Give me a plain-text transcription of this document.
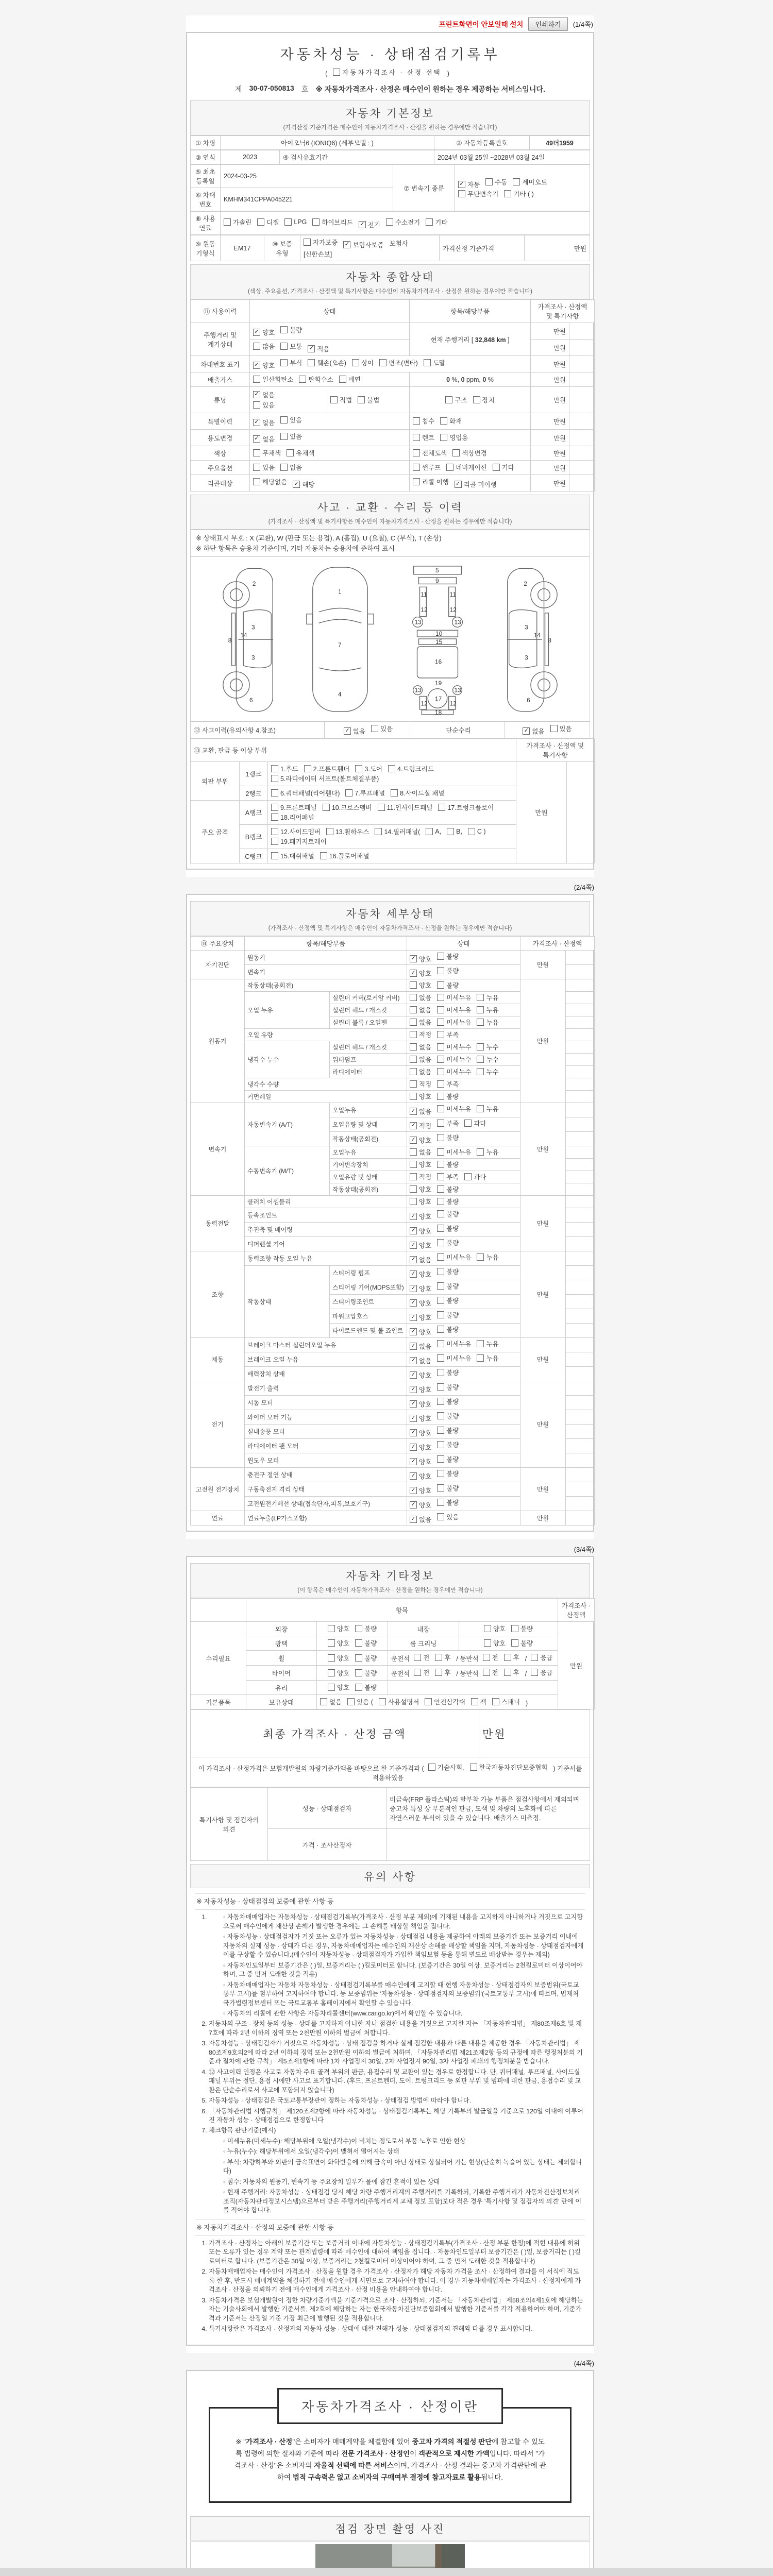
프린트화면이 안보일때 설치	인쇄하기	(1/4쪽)
자동차성능 · 상태점검기록부
( 자동차가격조사 · 산정 선택 )
제 30-07-050813 호 ※ 자동차가격조사 · 산정은 매수인이 원하는 경우 제공하는 서비스입니다.
자동차 기본정보
(가격산정 기준가격은 매수인이 자동차가격조사 · 산정을 원하는 경우에만 적습니다)
① 차명	아이오닉6 (IONIQ6) (세부모델 : )	② 자동차등록번호	49더1959
③ 연식	2023	④ 검사유효기간	2024년 03월 25일 ~2028년 03월 24일
⑤ 최초 등록일	2024-03-25	⑦ 변속기 종류	
✓ 자동 수동 세미오토
무단변속기 기타 ( )

⑥ 차대 번호	KMHM341CPPA045221		
⑧ 사용 연료	
가솔린 디젤 LPG 하이브리드 ✓ 전기 수소전기 기타
⑨ 원동 기형식	EM17	⑩ 보증 유형	
자가보증 ✓ 보험사보증 보험사[신한손보]	가격산정 기준가격	만원
자동차 종합상태
(색상, 주요옵션, 가격조사 · 산정액 및 특기사항은 매수인이 자동차가격조사 · 산정을 원하는 경우에만 적습니다)
⑪ 사용이력	상태		항목/해당부품	가격조사 · 산정액 및 특기사항	
주행거리 및 계기상태	✓ 양호 불량		현재 주행거리 [ 32,848 km ]	만원	

	많음 보통 ✓ 적음			만원	
차대번호 표기	✓ 양호 부식 훼손(오손) 상이 변조(변타) 도말	만원	
배출가스	일산화탄소 탄화수소 매연		0 %, 0 ppm, 0 %	만원	
튜닝	✓ 없음
있음	적법 불법	구조 장치	만원	
특별이력	✓ 없음 있음		침수 화재	만원	
용도변경	✓ 없음 있음		렌트 영업용	만원	
색상	무채색 유채색		전체도색 색상변경	만원	
주요옵션	있음 없음		썬루프 네비게이션 기타	만원	
리콜대상	해당없음 ✓ 해당		리콜 이행 ✓ 리콜 미이행	만원	
사고 · 교환 · 수리 등 이력
(가격조사 · 산정액 및 특기사항은 매수인이 자동차가격조사 · 산정을 원하는 경우에만 적습니다)
※ 상태표시 부호 : X (교환), W (판금 또는 용접), A (흠집), U (요철), C (부식), T (손상)
※ 하단 항목은 승용차 기준이며, 기타 자동차는 승용차에 준하여 표시
2
3
14
3
6
8
1
7
4
5
9
11	11
12	12
13	13
10
15
16
19
13	13
12	12
17
18
2
3
14
3
6
8
⑫ 사고이력(유의사항 4.참조)	✓ 없음 있음	단순수리	✓ 없음 있음
⑬ 교환, 판금 등 이상 부위			가격조사 · 산정액 및 특기사항	
외판 부위	1랭크	1.후드 2.프론트휀더 3.도어 4.트렁크리드
5.라디에이터 서포트(볼트체결부품)	만원	
	2랭크	6.쿼터패널(리어휀다) 7.루프패널 8.사이드실 패널		

주요 골격	A랭크	9.프론트패널 10.크로스멤버 11.인사이드패널 17.트렁크플로어
18.리어패널		

B랭크	
12.사이드멤버 13.휠하우스 14.필러패널( A, B, C )
19.패키지트레이

	C랭크	15.대쉬패널 16.플로어패널		
(2/4쪽)
자동차 세부상태
(가격조사 · 산정액 및 특기사항은 매수인이 자동차가격조사 · 산정을 원하는 경우에만 적습니다)
⑭ 주요장치	항목/해당부품		상태	가격조사 · 산정액	
자기진단	원동기		✓ 양호 불량	만원	
	변속기		✓ 양호 불량		

원동기	작동상태(공회전)		양호 불량	만원	
	오일 누유	실린더 커버(로커암 커버)	없음 미세누유 누유		

		실린더 헤드 / 개스킷	없음 미세누유 누유		

		실린더 블록 / 오일팬	없음 미세누유 누유		

	오일 유량		적정 부족		

	냉각수 누수	실린더 헤드 / 개스킷	없음 미세누수 누수		

		워터펌프	없음 미세누수 누수		

		라디에이터	없음 미세누수 누수		

	냉각수 수량		적정 부족		

	커먼레일		양호 불량		

변속기	자동변속기 (A/T)	오일누유	✓ 없음 미세누유 누유	만원	
		오일유량 및 상태	✓ 적정 부족 과다		

		작동상태(공회전)	✓ 양호 불량		

	수동변속기 (M/T)	오일누유	없음 미세누유 누유		

		기어변속장치	양호 불량		

		오일유량 및 상태	적정 부족 과다		

		작동상태(공회전)	양호 불량		

동력전달	클러치 어셈블리		양호 불량	만원	
	등속조인트		✓ 양호 불량		

	추진축 및 베어링		✓ 양호 불량		

	디퍼렌셜 기어		✓ 양호 불량		

조향	동력조향 작동 오일 누유		✓ 없음 미세누유 누유	만원	
	작동상태	스티어링 펌프	✓ 양호 불량		

		스티어링 기어(MDPS포함)	✓ 양호 불량		

		스티어링조인트	✓ 양호 불량		

		파워고압호스	✓ 양호 불량		

		타이로드엔드 및 볼 죠인트	✓ 양호 불량		

제동	브레이크 마스터 실린더오일 누유		✓ 없음 미세누유 누유	만원	
	브레이크 오일 누유		✓ 없음 미세누유 누유		

	배력장치 상태		✓ 양호 불량		

전기	발전기 출력		✓ 양호 불량	만원	
	시동 모터		✓ 양호 불량		

	와이퍼 모터 기능		✓ 양호 불량		

	실내송풍 모터		✓ 양호 불량		

	라디에이터 팬 모터		✓ 양호 불량		

	윈도우 모터		✓ 양호 불량		

고전원 전기장치	충전구 절연 상태		✓ 양호 불량	만원	
	구동축전지 격리 상태		✓ 양호 불량		

	고전원전기배선 상태(접속단자,피복,보호기구)		✓ 양호 불량		

연료	연료누출(LP가스포함)		✓ 없음 있음	만원	
(3/4쪽)
자동차 기타정보
(이 항목은 매수인이 자동차가격조사 · 산정을 원하는 경우에만 적습니다)
	항목				가격조사 · 산정액
수리필요	외장	양호 불량	내장	양호 불량	만원
	광택	양호 불량	룸 크리닝	양호 불량	

휠	양호 불량	운전석 전 후 / 동반석 전 후 / 응급

타이어	양호 불량	운전석 전 후 / 동반석 전 후 / 응급

	유리	양호 불량			

기본품목	보유상태	없음 있음 ( 사용설명서 안전삼각대 잭 스패너 )
최종 가격조사 · 산정 금액	만원
이 가격조사 · 산정가격은 보험개발원의 차량기준가액을 바탕으로 한 기준가격과 ( 기술사회, 한국자동차진단보증협회 ) 기준서를 적용하였음
특기사항 및 점검자의 의견	성능 · 상태점검자	비금속(FRP 플라스틱)의 탈부착 가능 부품은 점검사항에서 제외되며 중고차 특성 상 부분적인 판금, 도색 및 차량의 노후화에 따른 자연스러운 부식이 있을 수 있습니다. 배출가스 미측정.
	가격 · 조사산정자	
유의 사항
※ 자동차성능 · 상태점검의 보증에 관한 사항 등
◦ 1. 자동차매매업자는 자동차성능 · 상태점검기록부(가격조사 · 산정 부분 제외)에 기재된 내용을 고지하지 아니하거나 거짓으로 고지함으로써 매수인에게 재산상 손해가 발생한 경우에는 그 손해를 배상할 책임을 집니다.
◦ 자동차성능 · 상태점검자가 거짓 또는 오류가 있는 자동차성능 · 상태점검 내용을 제공하여 아래의 보증기간 또는 보증거리 이내에 자동차의 실제 성능 · 상태가 다른 경우, 자동차매매업자는 매수인의 재산상 손해를 배상할 책임을 지며, 자동차성능 · 상태점검자에게 이를 구상할 수 있습니다.(매수인이 자동차성능 · 상태점검자가 가입한 책임보험 등을 통해 별도로 배상받는 경우는 제외)
◦ 자동차인도일부터 보증기간은 ( )일, 보증거리는 ( )킬로미터로 합니다. (보증기간은 30일 이상, 보증거리는 2천킬로미터 이상이어야 하며, 그 중 먼저 도래한 것을 적용)
◦ 자동차매매업자는 자동차 자동차성능 · 상태점검기록부를 매수인에게 고지할 때 현행 자동차성능 · 상태점검자의 보증범위(국토교통부 고시)를 첨부하여 고지하여야 합니다. 동 보증범위는 '자동차성능 · 상태점검자의 보증범위'(국토교통부 고시)에 따르며, 법제처 국가법령정보센터 또는 국토교통부 홈페이지에서 확인할 수 있습니다.
◦ 자동차의 리콜에 관한 사항은 자동차리콜센터(www.car.go.kr)에서 확인할 수 있습니다.
2. 자동차의 구조 · 장치 등의 성능 · 상태를 고지하지 아니한 자나 점검한 내용을 거짓으로 고지한 자는 「자동차관리법」 제80조제6호 및 제7호에 따라 2년 이하의 징역 또는 2천만원 이하의 벌금에 처합니다.
3. 자동차성능 · 상태점검자가 거짓으로 자동차성능 · 상태 점검을 하거나 실제 점검한 내용과 다른 내용을 제공한 경우 「자동차관리법」 제80조제9호의2에 따라 2년 이하의 징역 또는 2천만원 이하의 벌금에 처하며, 「자동차관리법 제21조제2항 등의 규정에 따른 행정처분의 기준과 절차에 관한 규칙」 제5조제1항에 따라 1차 사업정지 30일, 2차 사업정지 90일, 3차 사업장 폐쇄의 행정처분을 받습니다.
4. ⑫ 사고이력 인정은 사고로 자동차 주요 골격 부위의 판금, 용접수리 및 교환이 있는 경우로 한정합니다. 단, 쿼터패널, 루프패널, 사이드실 패널 부위는 절단, 용접 시에만 사고로 표기합니다. (후드, 프론트펜더, 도어, 트렁크리드 등 외판 부위 및 범퍼에 대한 판금, 용접수리 및 교환은 단순수리로서 사고에 포함되지 않습니다)
5. 자동차성능 · 상태점검은 국토교통부장관이 정하는 자동차성능 · 상태점검 방법에 따라야 합니다.
6. 「자동차관리법 시행규칙」 제120조제2항에 따라 자동차성능 · 상태점검기록부는 해당 기록부의 발급일을 기준으로 120일 이내에 이루어진 자동차 성능 · 상태점검으로 한정합니다
7. 체크항목 판단기준(예시)
◦ 미세누유(미세누수): 해당부위에 오일(냉각수)이 비치는 정도로서 부품 노후로 인한 현상
◦ 누유(누수): 해당부위에서 오일(냉각수)이 맺혀서 떨어지는 상태
◦ 부식: 차량하부와 외판의 금속표면이 화학반응에 의해 금속이 아닌 상태로 상실되어 가는 현상(단순히 녹슬어 있는 상태는 제외합니다)
◦ 침수: 자동차의 원동기, 변속기 등 주요장치 일부가 물에 잠긴 흔적이 있는 상태
◦ 현재 주행거리: 자동차성능 · 상태점검 당시 해당 차량 주행거리계의 주행거리를 기록하되, 기록한 주행거리가 자동차전산정보처리조직(자동차관리정보시스템)으로부터 받은 주행거리(주행거리계 교체 정보 포함)보다 적은 경우 '특기사항 및 점검자의 의견' 란에 이를 적어야 합니다.
※ 자동차가격조사 · 산정의 보증에 관한 사항 등
1. 가격조사 · 산정자는 아래의 보증기간 또는 보증거리 이내에 자동차성능 · 상태점검기록부(가격조사 · 산정 부분 한정)에 적힌 내용에 허위 또는 오류가 있는 경우 계약 또는 관계법령에 따라 매수인에 대하여 책임을 집니다. · 자동차인도일부터 보증기간은 ( )일, 보증거리는 ( )킬로미터로 합니다. (보증기간은 30일 이상, 보증거리는 2천킬로미터 이상이어야 하며, 그 중 먼저 도래한 것을 적용합니다)
2. 자동차매매업자는 매수인이 가격조사 · 산정을 원할 경우 가격조사 · 산정자가 해당 자동차 가격을 조사 · 산정하여 결과를 이 서식에 적도록 한 후, 반드시 매매계약을 체결하기 전에 매수인에게 서면으로 고지하여야 합니다. 이 경우 자동차매매업자는 가격조사 · 산정자에게 가격조사 · 산정을 의뢰하기 전에 매수인에게 가격조사 · 산정 비용을 안내하여야 합니다.
3. 자동차가격은 보험개발원이 정한 차량기준가액을 기준가격으로 조사 · 산정하되, 기준서는 「자동차관리법」 제58조의4제1호에 해당하는 자는 기술사회에서 발행한 기준서를, 제2호에 해당하는 자는 한국자동차진단보증협회에서 발행한 기준서를 각각 적용하여야 하며, 기준가격과 기준서는 산정일 기준 가장 최근에 발행된 것을 적용합니다.
4. 특기사항란은 가격조사 · 산정자의 자동차 성능 · 상태에 대한 견해가 성능 · 상태점검자의 견해와 다를 경우 표시합니다.
(4/4쪽)
자동차가격조사 · 산정이란
※ "가격조사 · 산정"은 소비자가 매매계약을 체결함에 있어 중고차 가격의 적절성 판단에 참고할 수 있도록 법령에 의한 절차와 기준에 따라 전문 가격조사 · 산정인이 객관적으로 제시한 가액입니다. 따라서 "가격조사 · 산정"은 소비자의 자율적 선택에 따른 서비스이며, 가격조사 · 산정 결과는 중고차 가격판단에 관하여 법적 구속력은 없고 소비자의 구매여부 결정에 참고자료로 활용됩니다.
점검 장면 촬영 사진
